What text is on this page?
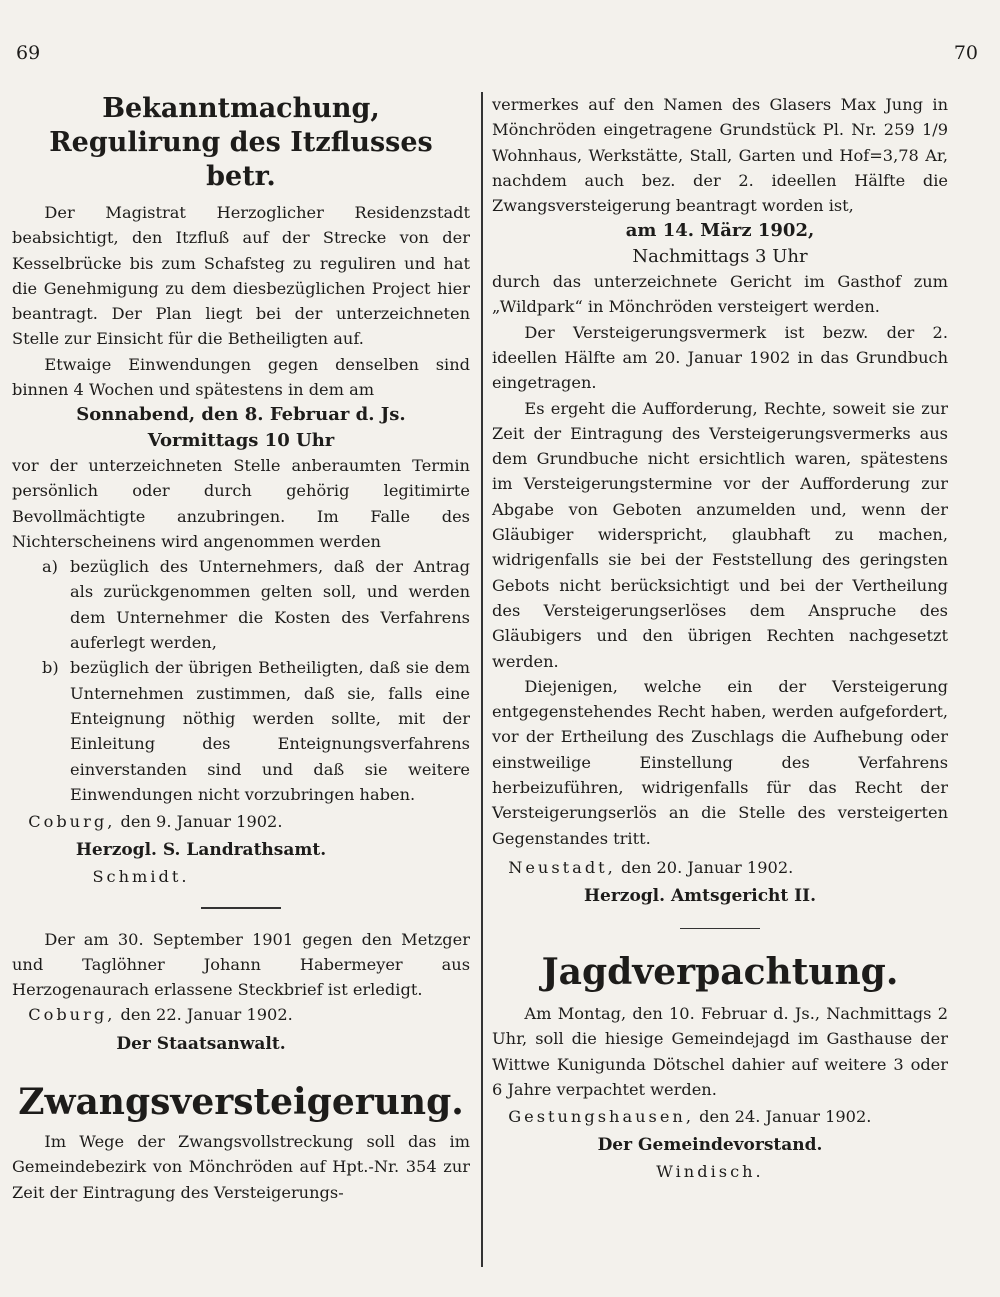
69	70
Bekanntmachung,
Regulirung des Itzflusses betr.

Der Magistrat Herzoglicher Residenzstadt beabsichtigt, den Itzfluß auf der Strecke von der Kesselbrücke bis zum Schafsteg zu reguliren und hat die Genehmigung zu dem diesbezüglichen Project hier beantragt. Der Plan liegt bei der unterzeichneten Stelle zur Einsicht für die Betheiligten auf.

Etwaige Einwendungen gegen denselben sind binnen 4 Wochen und spätestens in dem am

Sonnabend, den 8. Februar d. Js.

Vormittags 10 Uhr

vor der unterzeichneten Stelle anberaumten Termin persönlich oder durch gehörig legitimirte Bevollmächtigte anzubringen. Im Falle des Nichterscheinens wird angenommen werden

a) bezüglich des Unternehmers, daß der Antrag als zurückgenommen gelten soll, und werden dem Unternehmer die Kosten des Verfahrens auferlegt werden,
b) bezüglich der übrigen Betheiligten, daß sie dem Unternehmen zustimmen, daß sie, falls eine Enteignung nöthig werden sollte, mit der Einleitung des Enteignungsverfahrens einverstanden sind und daß sie weitere Einwendungen nicht vorzubringen haben.

Coburg, den 9. Januar 1902.

Herzogl. S. Landrathsamt.

Schmidt.

Der am 30. September 1901 gegen den Metzger und Taglöhner Johann Habermeyer aus Herzogenaurach erlassene Steckbrief ist erledigt.

Coburg, den 22. Januar 1902.

Der Staatsanwalt.

Zwangsversteigerung.

Im Wege der Zwangsvollstreckung soll das im Gemeindebezirk von Mönchröden auf Hpt.-Nr. 354 zur Zeit der Eintragung des Versteigerungs-

vermerkes auf den Namen des Glasers Max Jung in Mönchröden eingetragene Grundstück Pl. Nr. 259 1/9 Wohnhaus, Werkstätte, Stall, Garten und Hof=3,78 Ar, nachdem auch bez. der 2. ideellen Hälfte die Zwangsversteigerung beantragt worden ist,

am 14. März 1902,

Nachmittags 3 Uhr

durch das unterzeichnete Gericht im Gasthof zum „Wildpark“ in Mönchröden versteigert werden.

Der Versteigerungsvermerk ist bezw. der 2. ideellen Hälfte am 20. Januar 1902 in das Grundbuch eingetragen.

Es ergeht die Aufforderung, Rechte, soweit sie zur Zeit der Eintragung des Versteigerungsvermerks aus dem Grundbuche nicht ersichtlich waren, spätestens im Versteigerungstermine vor der Aufforderung zur Abgabe von Geboten anzumelden und, wenn der Gläubiger widerspricht, glaubhaft zu machen, widrigenfalls sie bei der Feststellung des geringsten Gebots nicht berücksichtigt und bei der Vertheilung des Versteigerungserlöses dem Anspruche des Gläubigers und den übrigen Rechten nachgesetzt werden.

Diejenigen, welche ein der Versteigerung entgegenstehendes Recht haben, werden aufgefordert, vor der Ertheilung des Zuschlags die Aufhebung oder einstweilige Einstellung des Verfahrens herbeizuführen, widrigenfalls für das Recht der Versteigerungserlös an die Stelle des versteigerten Gegenstandes tritt.

Neustadt, den 20. Januar 1902.

Herzogl. Amtsgericht II.

Jagdverpachtung.

Am Montag, den 10. Februar d. Js., Nachmittags 2 Uhr, soll die hiesige Gemeindejagd im Gasthause der Wittwe Kunigunda Dötschel dahier auf weitere 3 oder 6 Jahre verpachtet werden.

Gestungshausen, den 24. Januar 1902.

Der Gemeindevorstand.

Windisch.
